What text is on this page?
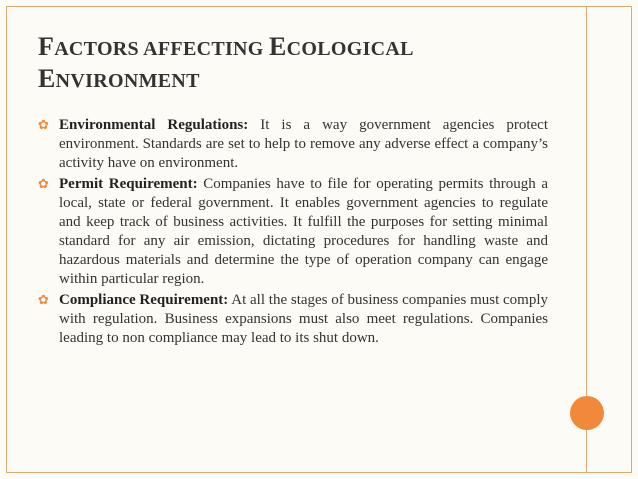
FACTORS AFFECTING ECOLOGICAL
ENVIRONMENT
✿ Environmental Regulations: It is a way government agencies protect environment. Standards are set to help to remove any adverse effect a company’s activity have on environment.

✿ Permit Requirement: Companies have to file for operating permits through a local, state or federal government. It enables government agencies to regulate and keep track of business activities. It fulfill the purposes for setting minimal standard for any air emission, dictating procedures for handling waste and hazardous materials and determine the type of operation company can engage within particular region.

✿ Compliance Requirement: At all the stages of business companies must comply with regulation. Business expansions must also meet regulations. Companies leading to non compliance may lead to its shut down.
